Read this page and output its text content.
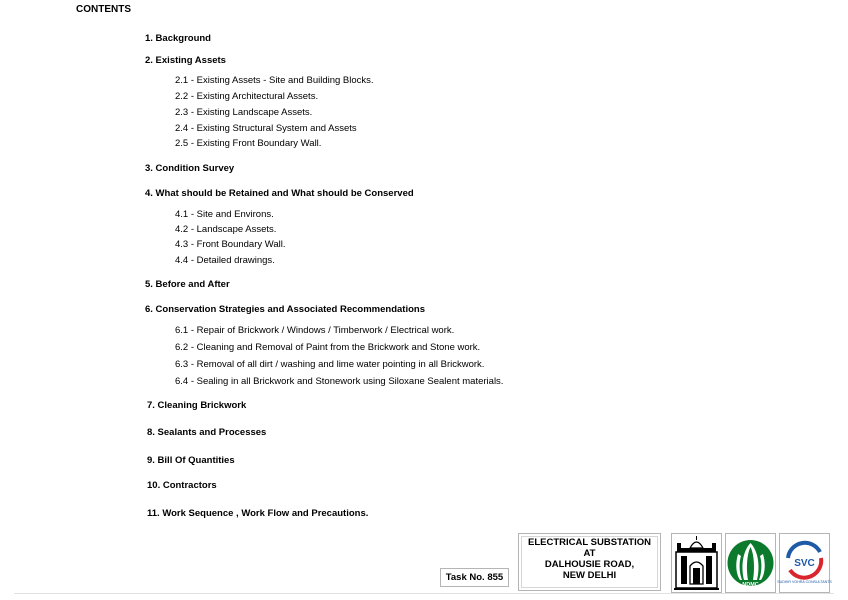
CONTENTS
1. Background
2. Existing Assets
2.1 - Existing Assets - Site and Building Blocks.
2.2 - Existing Architectural Assets.
2.3 - Existing Landscape Assets.
2.4 - Existing Structural System and Assets
2.5 - Existing Front Boundary Wall.
3. Condition Survey
4. What should be Retained and What should be Conserved
4.1 - Site and Environs.
4.2 - Landscape Assets.
4.3 - Front Boundary Wall.
4.4 - Detailed drawings.
5. Before and After
6. Conservation Strategies and Associated Recommendations
6.1 - Repair of Brickwork / Windows / Timberwork / Electrical work.
6.2 - Cleaning and Removal of Paint from the Brickwork and Stone work.
6.3 - Removal of all dirt / washing and lime water pointing in all Brickwork.
6.4 - Sealing in all Brickwork and Stonework using Siloxane Sealent materials.
7. Cleaning Brickwork
8. Sealants and Processes
9. Bill Of Quantities
10. Contractors
11. Work Sequence , Work Flow and Precautions.
ELECTRICAL SUBSTATION
AT
DALHOUSIE ROAD,
NEW DELHI
Task No. 855
NDMC
SVC
SUDHIR VOHRA CONSULTANTS
